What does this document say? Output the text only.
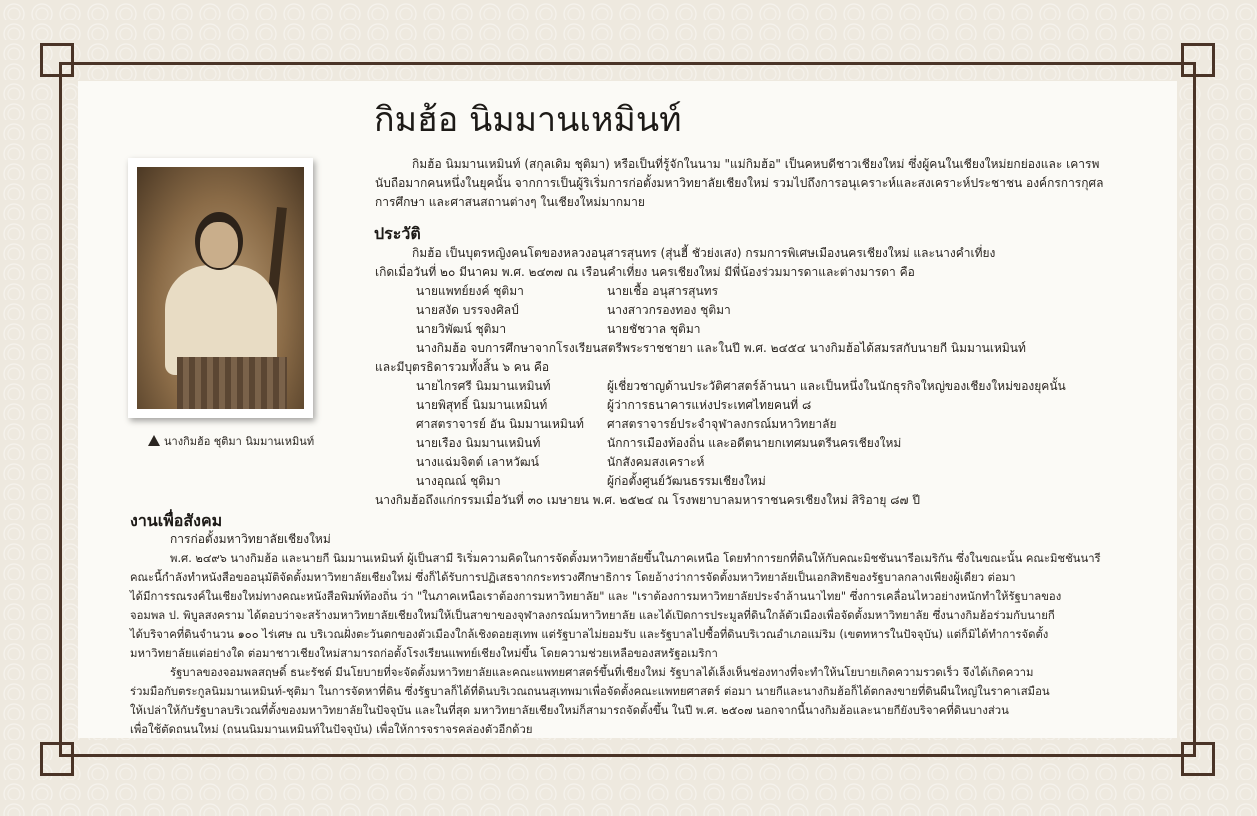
กิมฮ้อ นิมมานเหมินท์

กิมฮ้อ นิมมานเหมินท์ (สกุลเดิม ชุติมา) หรือเป็นที่รู้จักในนาม "แม่กิมฮ้อ" เป็นคหบดีชาวเชียงใหม่ ซึ่งผู้คนในเชียงใหม่ยกย่องและ เคารพ

นับถือมากคนหนึ่งในยุคนั้น จากการเป็นผู้ริเริ่มการก่อตั้งมหาวิทยาลัยเชียงใหม่ รวมไปถึงการอนุเคราะห์และสงเคราะห์ประชาชน องค์กรการกุศล

การศึกษา และศาสนสถานต่างๆ ในเชียงใหม่มากมาย

นางกิมฮ้อ ชุติมา นิมมานเหมินท์
ประวัติ

กิมฮ้อ เป็นบุตรหญิงคนโตของหลวงอนุสารสุนทร (สุ่นฮี้ ชัวย่งเสง) กรมการพิเศษเมืองนครเชียงใหม่ และนางคำเที่ยง

เกิดเมื่อวันที่ ๒๐ มีนาคม พ.ศ. ๒๔๓๗ ณ เรือนคำเที่ยง นครเชียงใหม่ มีพี่น้องร่วมมารดาและต่างมารดา คือ

นายแพทย์ยงค์ ชุติมา	นายเชื้อ อนุสารสุนทร
นายสงัด บรรจงศิลป์	นางสาวกรองทอง ชุติมา
นายวิพัฒน์ ชุติมา	นายชัชวาล ชุติมา

นางกิมฮ้อ จบการศึกษาจากโรงเรียนสตรีพระราชชายา และในปี พ.ศ. ๒๔๕๔ นางกิมฮ้อได้สมรสกับนายกี นิมมานเหมินท์

และมีบุตรธิดารวมทั้งสิ้น ๖ คน คือ

นายไกรศรี นิมมานเหมินท์	ผู้เชี่ยวชาญด้านประวัติศาสตร์ล้านนา และเป็นหนึ่งในนักธุรกิจใหญ่ของเชียงใหม่ของยุคนั้น
นายพิสุทธิ์ นิมมานเหมินท์	ผู้ว่าการธนาคารแห่งประเทศไทยคนที่ ๘
ศาสตราจารย์ อัน นิมมานเหมินท์ ศาสตราจารย์ประจำจุฬาลงกรณ์มหาวิทยาลัย
นายเรือง นิมมานเหมินท์	นักการเมืองท้องถิ่น และอดีตนายกเทศมนตรีนครเชียงใหม่
นางแฉ่มจิตต์ เลาหวัฒน์	นักสังคมสงเคราะห์
นางอุณณ์ ชุติมา	ผู้ก่อตั้งศูนย์วัฒนธรรมเชียงใหม่

นางกิมฮ้อถึงแก่กรรมเมื่อวันที่ ๓๐ เมษายน พ.ศ. ๒๕๒๔ ณ โรงพยาบาลมหาราชนครเชียงใหม่ สิริอายุ ๘๗ ปี

งานเพื่อสังคม

การก่อตั้งมหาวิทยาลัยเชียงใหม่

พ.ศ. ๒๔๙๖ นางกิมฮ้อ และนายกี นิมมานเหมินท์ ผู้เป็นสามี ริเริ่มความคิดในการจัดตั้งมหาวิทยาลัยขึ้นในภาคเหนือ โดยทำการยกที่ดินให้กับคณะมิชชันนารีอเมริกัน ซึ่งในขณะนั้น คณะมิชชันนารี

คณะนี้กำลังทำหนังสือขออนุมัติจัดตั้งมหาวิทยาลัยเชียงใหม่ ซึ่งก็ได้รับการปฏิเสธจากกระทรวงศึกษาธิการ โดยอ้างว่าการจัดตั้งมหาวิทยาลัยเป็นเอกสิทธิของรัฐบาลกลางเพียงผู้เดียว ต่อมา

ได้มีการรณรงค์ในเชียงใหม่ทางคณะหนังสือพิมพ์ท้องถิ่น ว่า "ในภาคเหนือเราต้องการมหาวิทยาลัย" และ "เราต้องการมหาวิทยาลัยประจำล้านนาไทย" ซึ่งการเคลื่อนไหวอย่างหนักทำให้รัฐบาลของ

จอมพล ป. พิบูลสงคราม ได้ตอบว่าจะสร้างมหาวิทยาลัยเชียงใหม่ให้เป็นสาขาของจุฬาลงกรณ์มหาวิทยาลัย และได้เปิดการประมูลที่ดินใกล้ตัวเมืองเพื่อจัดตั้งมหาวิทยาลัย ซึ่งนางกิมฮ้อร่วมกับนายกี

ได้บริจาคที่ดินจำนวน ๑๐๐ ไร่เศษ ณ บริเวณฝั่งตะวันตกของตัวเมืองใกล้เชิงดอยสุเทพ แต่รัฐบาลไม่ยอมรับ และรัฐบาลไปซื้อที่ดินบริเวณอำเภอแม่ริม (เขตทหารในปัจจุบัน) แต่ก็มิได้ทำการจัดตั้ง

มหาวิทยาลัยแต่อย่างใด ต่อมาชาวเชียงใหม่สามารถก่อตั้งโรงเรียนแพทย์เชียงใหม่ขึ้น โดยความช่วยเหลือของสหรัฐอเมริกา

รัฐบาลของจอมพลสฤษดิ์ ธนะรัชต์ มีนโยบายที่จะจัดตั้งมหาวิทยาลัยและคณะแพทยศาสตร์ขึ้นที่เชียงใหม่ รัฐบาลได้เล็งเห็นช่องทางที่จะทำให้นโยบายเกิดความรวดเร็ว จึงได้เกิดความ

ร่วมมือกับตระกูลนิมมานเหมินท์-ชุติมา ในการจัดหาที่ดิน ซึ่งรัฐบาลก็ได้ที่ดินบริเวณถนนสุเทพมาเพื่อจัดตั้งคณะแพทยศาสตร์ ต่อมา นายกีและนางกิมฮ้อก็ได้ตกลงขายที่ดินผืนใหญ่ในราคาเสมือน

ให้เปล่าให้กับรัฐบาลบริเวณที่ตั้งของมหาวิทยาลัยในปัจจุบัน และในที่สุด มหาวิทยาลัยเชียงใหม่ก็สามารถจัดตั้งขึ้น ในปี พ.ศ. ๒๕๐๗ นอกจากนี้นางกิมฮ้อและนายกียังบริจาคที่ดินบางส่วน

เพื่อใช้ตัดถนนใหม่ (ถนนนิมมานเหมินท์ในปัจจุบัน) เพื่อให้การจราจรคล่องตัวอีกด้วย
